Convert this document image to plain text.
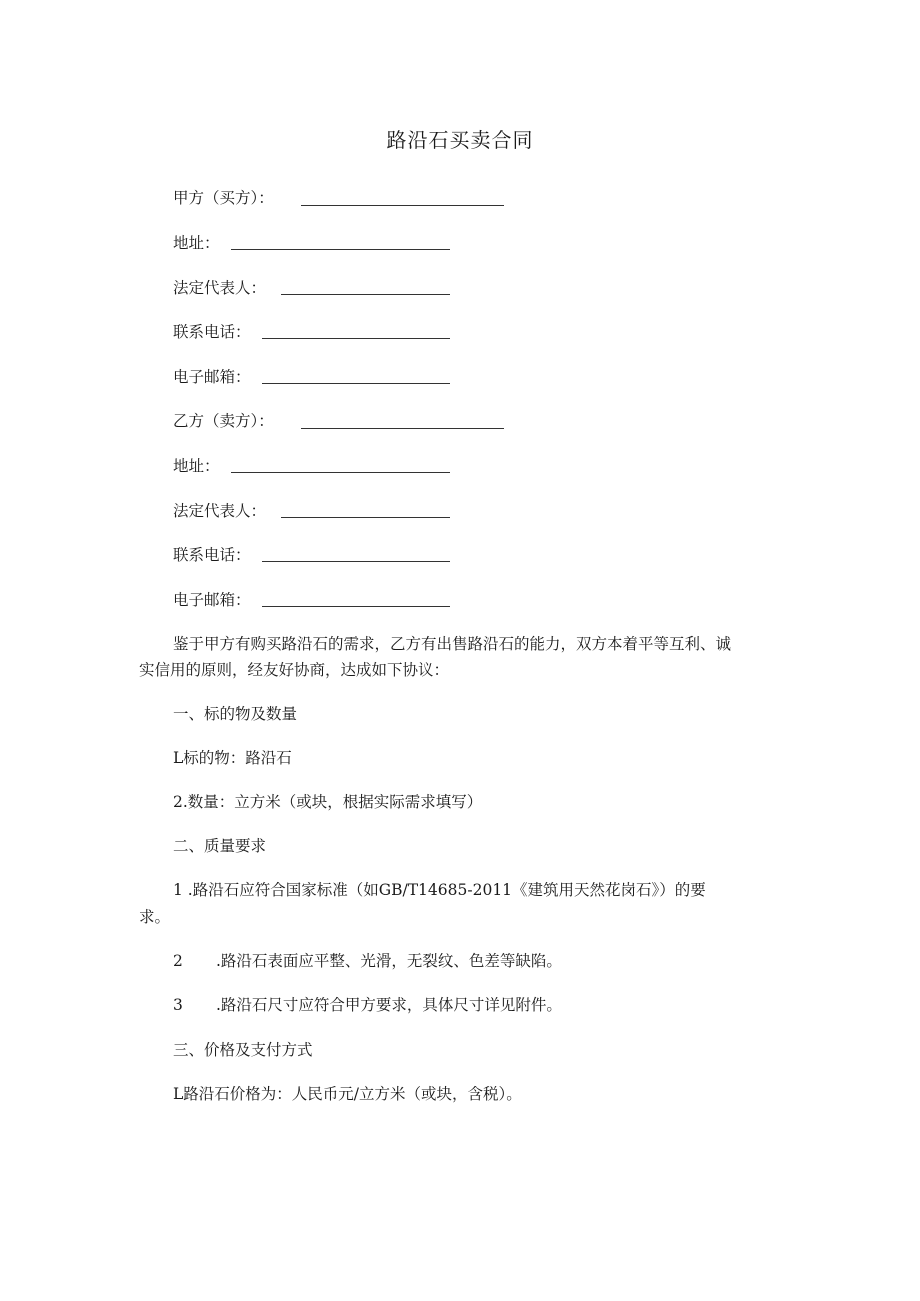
路沿石买卖合同
甲方（买方）：
地址：
法定代表人：
联系电话：
电子邮箱：
乙方（卖方）：
地址：
法定代表人：
联系电话：
电子邮箱：
鉴于甲方有购买路沿石的需求，乙方有出售路沿石的能力，双方本着平等互利、诚
实信用的原则，经友好协商，达成如下协议：
一、标的物及数量
L标的物：路沿石
2.数量：立方米（或块，根据实际需求填写）
二、质量要求
1 .路沿石应符合国家标准（如GB/T14685-2011《建筑用天然花岗石》）的要
求。
2 .路沿石表面应平整、光滑，无裂纹、色差等缺陷。
3 .路沿石尺寸应符合甲方要求，具体尺寸详见附件。
三、价格及支付方式
L路沿石价格为：人民币元/立方米（或块，含税）。
